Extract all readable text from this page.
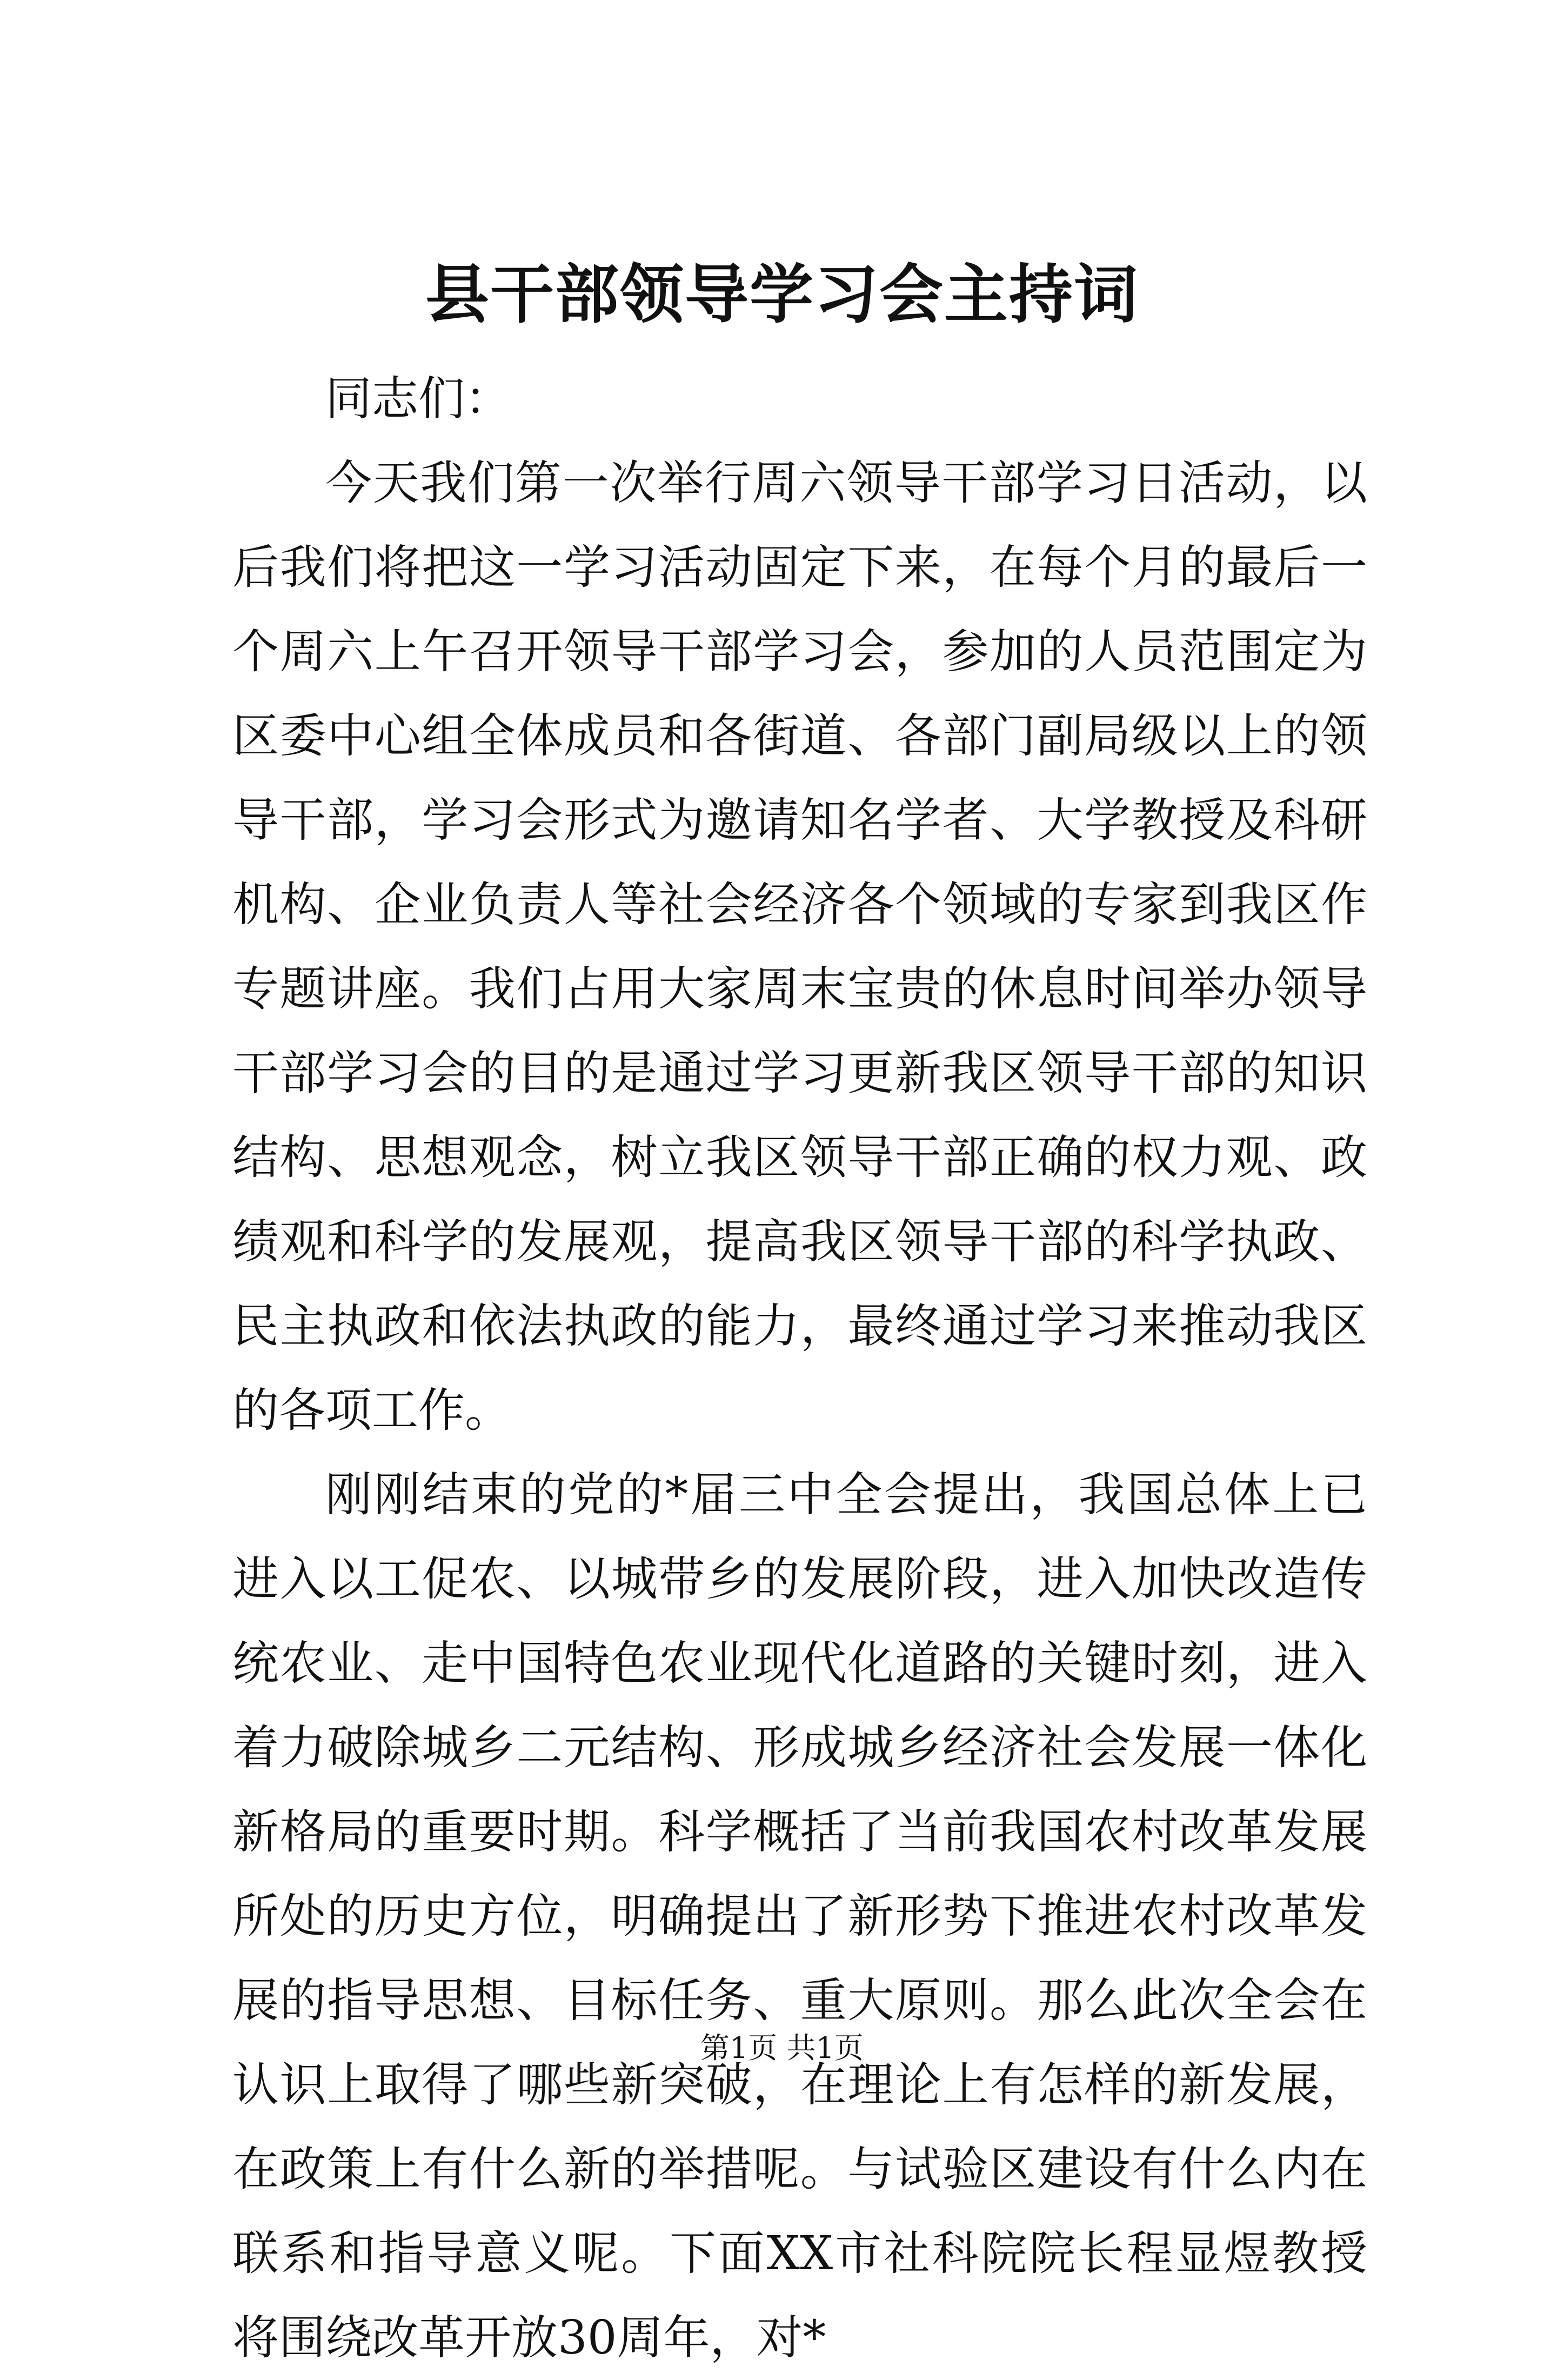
县干部领导学习会主持词

同志们：

今天我们第一次举行周六领导干部学习日活动，以后我们将把这一学习活动固定下来，在每个月的最后一个周六上午召开领导干部学习会，参加的人员范围定为区委中心组全体成员和各街道、各部门副局级以上的领导干部，学习会形式为邀请知名学者、大学教授及科研机构、企业负责人等社会经济各个领域的专家到我区作专题讲座。我们占用大家周末宝贵的休息时间举办领导干部学习会的目的是通过学习更新我区领导干部的知识结构、思想观念，树立我区领导干部正确的权力观、政绩观和科学的发展观，提高我区领导干部的科学执政、民主执政和依法执政的能力，最终通过学习来推动我区的各项工作。

刚刚结束的党的*届三中全会提出，我国总体上已进入以工促农、以城带乡的发展阶段，进入加快改造传统农业、走中国特色农业现代化道路的关键时刻，进入着力破除城乡二元结构、形成城乡经济社会发展一体化新格局的重要时期。科学概括了当前我国农村改革发展所处的历史方位，明确提出了新形势下推进农村改革发展的指导思想、目标任务、重大原则。那么此次全会在认识上取得了哪些新突破，在理论上有怎样的新发展，在政策上有什么新的举措呢。与试验区建设有什么内在联系和指导意义呢。下面XX市社科院院长程显煜教授将围绕改革开放30周年，对*

第1页 共1页
